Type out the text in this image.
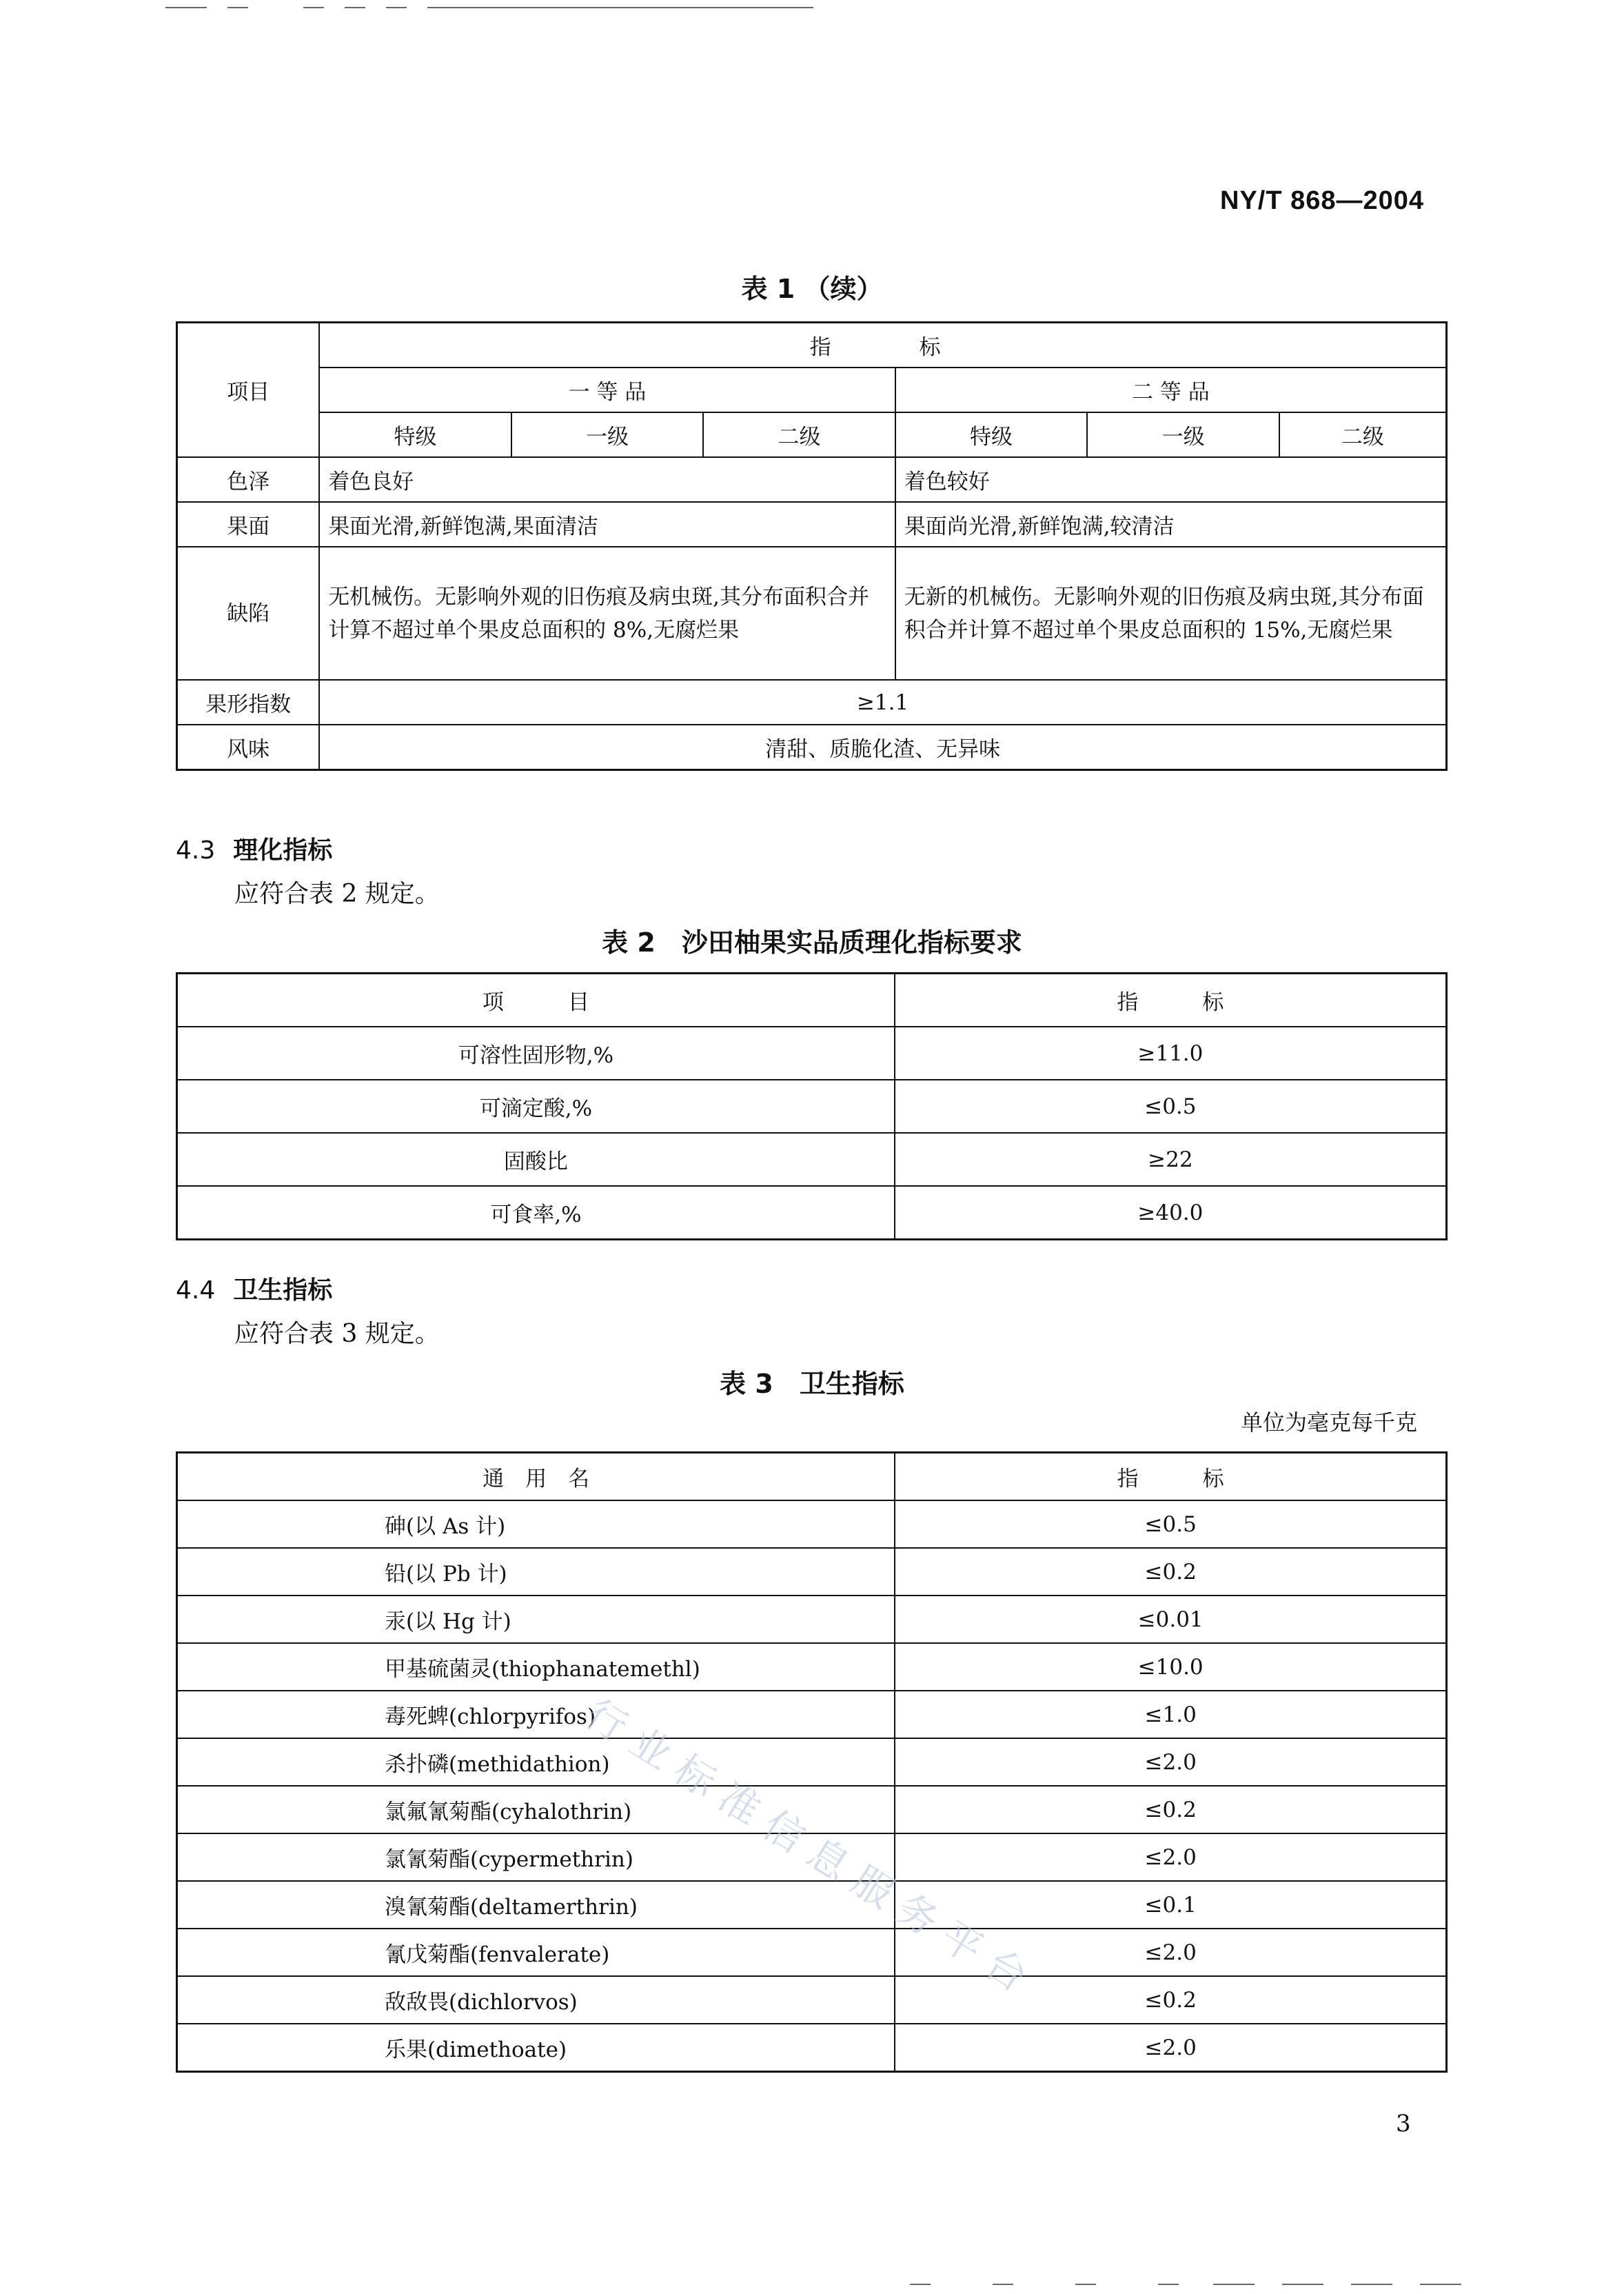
NY/T 868—2004
表 1 （续）
项目	指　　标					
	一 等 品			二 等 品		
	特级	一级	二级	特级	一级	二级
色泽	着色良好			着色较好		
果面	果面光滑,新鲜饱满,果面清洁			果面尚光滑,新鲜饱满,较清洁		
缺陷	无机械伤。无影响外观的旧伤痕及病虫斑,其分布面积合并计算不超过单个果皮总面积的 8%,无腐烂果			无新的机械伤。无影响外观的旧伤痕及病虫斑,其分布面积合并计算不超过单个果皮总面积的 15%,无腐烂果		
果形指数	≥1.1					
风味	清甜、质脆化渣、无异味					
4.3 理化指标
应符合表 2 规定。
表 2　沙田柚果实品质理化指标要求
项　　　目	指　　　标
可溶性固形物,%	≥11.0
可滴定酸,%	≤0.5
固酸比	≥22
可食率,%	≥40.0
4.4 卫生指标
应符合表 3 规定。
表 3　卫生指标
单位为毫克每千克
通　用　名	指　　　标
砷(以 As 计)	≤0.5
铅(以 Pb 计)	≤0.2
汞(以 Hg 计)	≤0.01
甲基硫菌灵(thiophanatemethl)	≤10.0
毒死蜱(chlorpyrifos)	≤1.0
杀扑磷(methidathion)	≤2.0
氯氟氰菊酯(cyhalothrin)	≤0.2
氯氰菊酯(cypermethrin)	≤2.0
溴氰菊酯(deltamerthrin)	≤0.1
氰戊菊酯(fenvalerate)	≤2.0
敌敌畏(dichlorvos)	≤0.2
乐果(dimethoate)	≤2.0
行业标准信息服务平台
3
